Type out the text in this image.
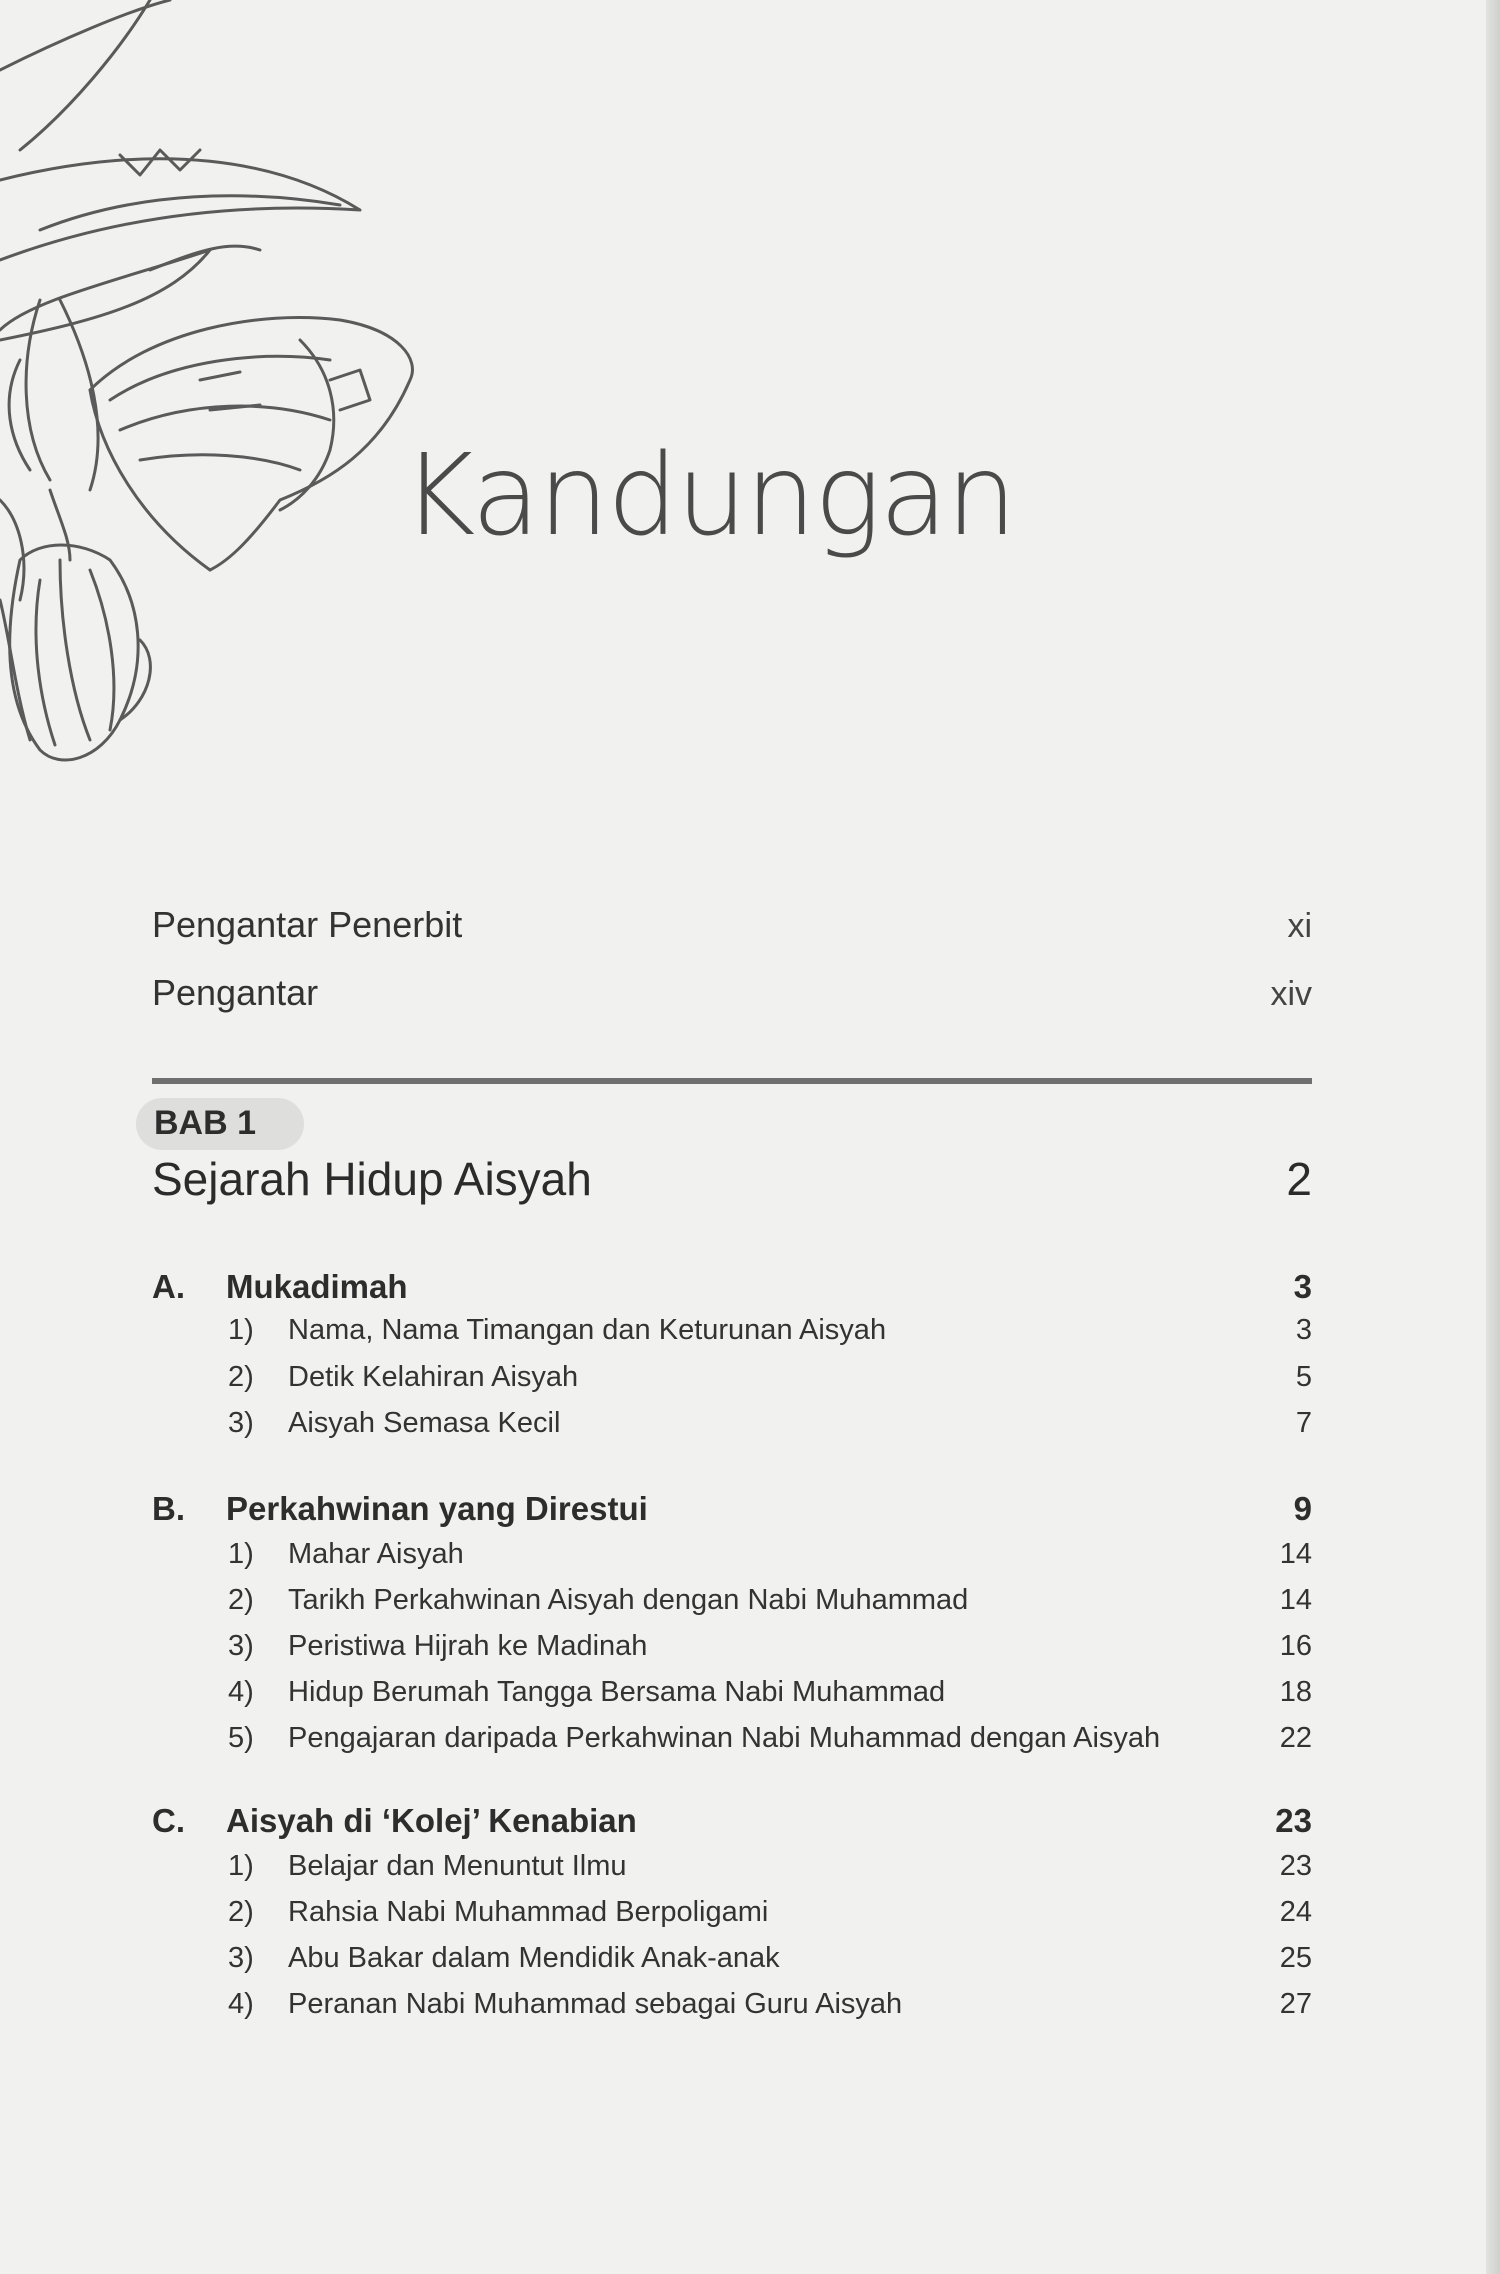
Kandungan
Pengantar Penerbit	xi
Pengantar	xiv
BAB 1
Sejarah Hidup Aisyah	2
A.	Mukadimah	3
1)	Nama, Nama Timangan dan Keturunan Aisyah	3
2)	Detik Kelahiran Aisyah	5
3)	Aisyah Semasa Kecil	7
B.	Perkahwinan yang Direstui	9
1)	Mahar Aisyah	14
2)	Tarikh Perkahwinan Aisyah dengan Nabi Muhammad	14
3)	Peristiwa Hijrah ke Madinah	16
4)	Hidup Berumah Tangga Bersama Nabi Muhammad	18
5)	Pengajaran daripada Perkahwinan Nabi Muhammad dengan Aisyah	22
C.	Aisyah di ‘Kolej’ Kenabian	23
1)	Belajar dan Menuntut Ilmu	23
2)	Rahsia Nabi Muhammad Berpoligami	24
3)	Abu Bakar dalam Mendidik Anak-anak	25
4)	Peranan Nabi Muhammad sebagai Guru Aisyah	27
